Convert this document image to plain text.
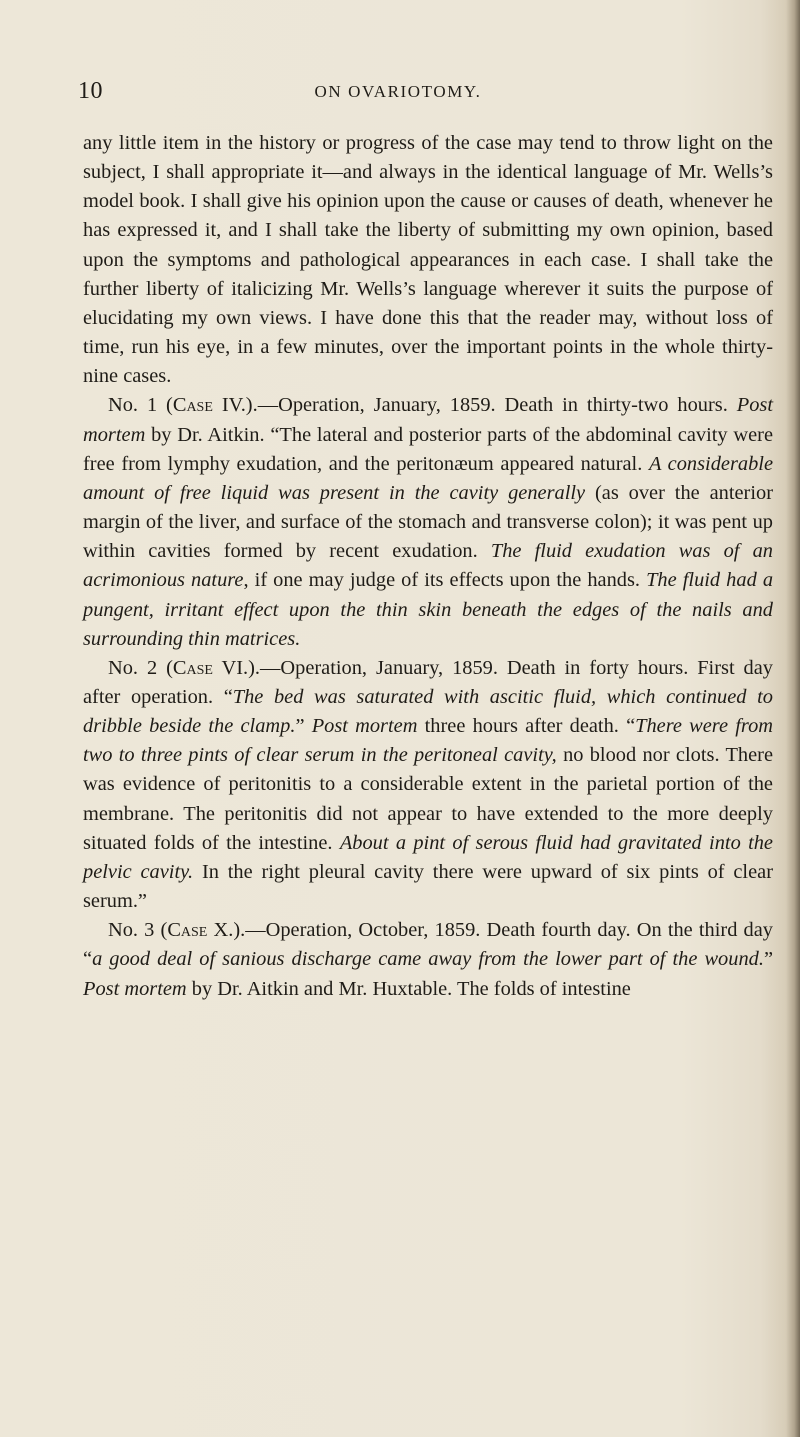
10	ON OVARIOTOMY.

any little item in the history or progress of the case may tend to throw light on the subject, I shall appropriate it—and always in the identical language of Mr. Wells’s model book. I shall give his opinion upon the cause or causes of death, whenever he has expressed it, and I shall take the liberty of submitting my own opinion, based upon the symptoms and pathological appearances in each case. I shall take the further liberty of italicizing Mr. Wells’s language wherever it suits the purpose of elucidating my own views. I have done this that the reader may, without loss of time, run his eye, in a few minutes, over the important points in the whole thirty-nine cases.

No. 1 (Case IV.).—Operation, January, 1859. Death in thirty-two hours. Post mortem by Dr. Aitkin. “The lateral and posterior parts of the abdominal cavity were free from lymphy exudation, and the peritonæum appeared natural. A considerable amount of free liquid was present in the cavity generally (as over the anterior margin of the liver, and surface of the stomach and transverse colon); it was pent up within cavities formed by recent exudation. The fluid exudation was of an acrimonious nature, if one may judge of its effects upon the hands. The fluid had a pungent, irritant effect upon the thin skin beneath the edges of the nails and surrounding thin matrices.

No. 2 (Case VI.).—Operation, January, 1859. Death in forty hours. First day after operation. “The bed was saturated with ascitic fluid, which continued to dribble beside the clamp.” Post mortem three hours after death. “There were from two to three pints of clear serum in the peritoneal cavity, no blood nor clots. There was evidence of peritonitis to a considerable extent in the parietal portion of the membrane. The peritonitis did not appear to have extended to the more deeply situated folds of the intestine. About a pint of serous fluid had gravitated into the pelvic cavity. In the right pleural cavity there were upward of six pints of clear serum.”

No. 3 (Case X.).—Operation, October, 1859. Death fourth day. On the third day “a good deal of sanious discharge came away from the lower part of the wound.” Post mortem by Dr. Aitkin and Mr. Huxtable. The folds of intestine
